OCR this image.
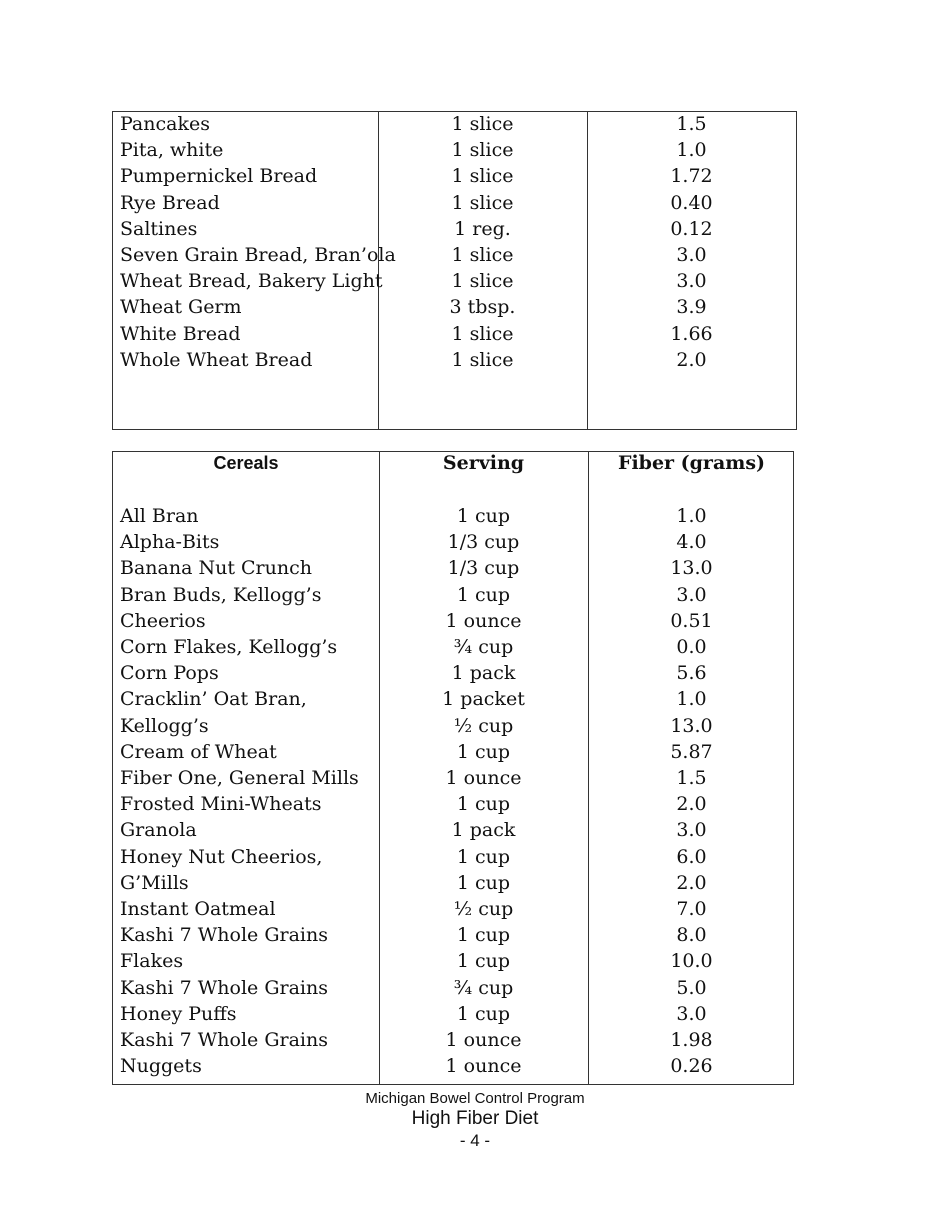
Pancakes	1 slice	1.5
Pita, white	1 slice	1.0
Pumpernickel Bread	1 slice	1.72
Rye Bread	1 slice	0.40
Saltines	1 reg.	0.12
Seven Grain Bread, Bran’ola	1 slice	3.0
Wheat Bread, Bakery Light	1 slice	3.0
Wheat Germ	3 tbsp.	3.9
White Bread	1 slice	1.66
Whole Wheat Bread	1 slice	2.0
Cereals	Serving	Fiber (grams)
All Bran	1 cup	1.0
Alpha-Bits	1/3 cup	4.0
Banana Nut Crunch	1/3 cup	13.0
Bran Buds, Kellogg’s	1 cup	3.0
Cheerios	1 ounce	0.51
Corn Flakes, Kellogg’s	¾ cup	0.0
Corn Pops	1 pack	5.6
Cracklin’ Oat Bran,	1 packet	1.0
Kellogg’s	½ cup	13.0
Cream of Wheat	1 cup	5.87
Fiber One, General Mills	1 ounce	1.5
Frosted Mini-Wheats	1 cup	2.0
Granola	1 pack	3.0
Honey Nut Cheerios,	1 cup	6.0
G’Mills	1 cup	2.0
Instant Oatmeal	½ cup	7.0
Kashi 7 Whole Grains	1 cup	8.0
Flakes	1 cup	10.0
Kashi 7 Whole Grains	¾ cup	5.0
Honey Puffs	1 cup	3.0
Kashi 7 Whole Grains	1 ounce	1.98
Nuggets	1 ounce	0.26
Michigan Bowel Control Program
High Fiber Diet
- 4 -
